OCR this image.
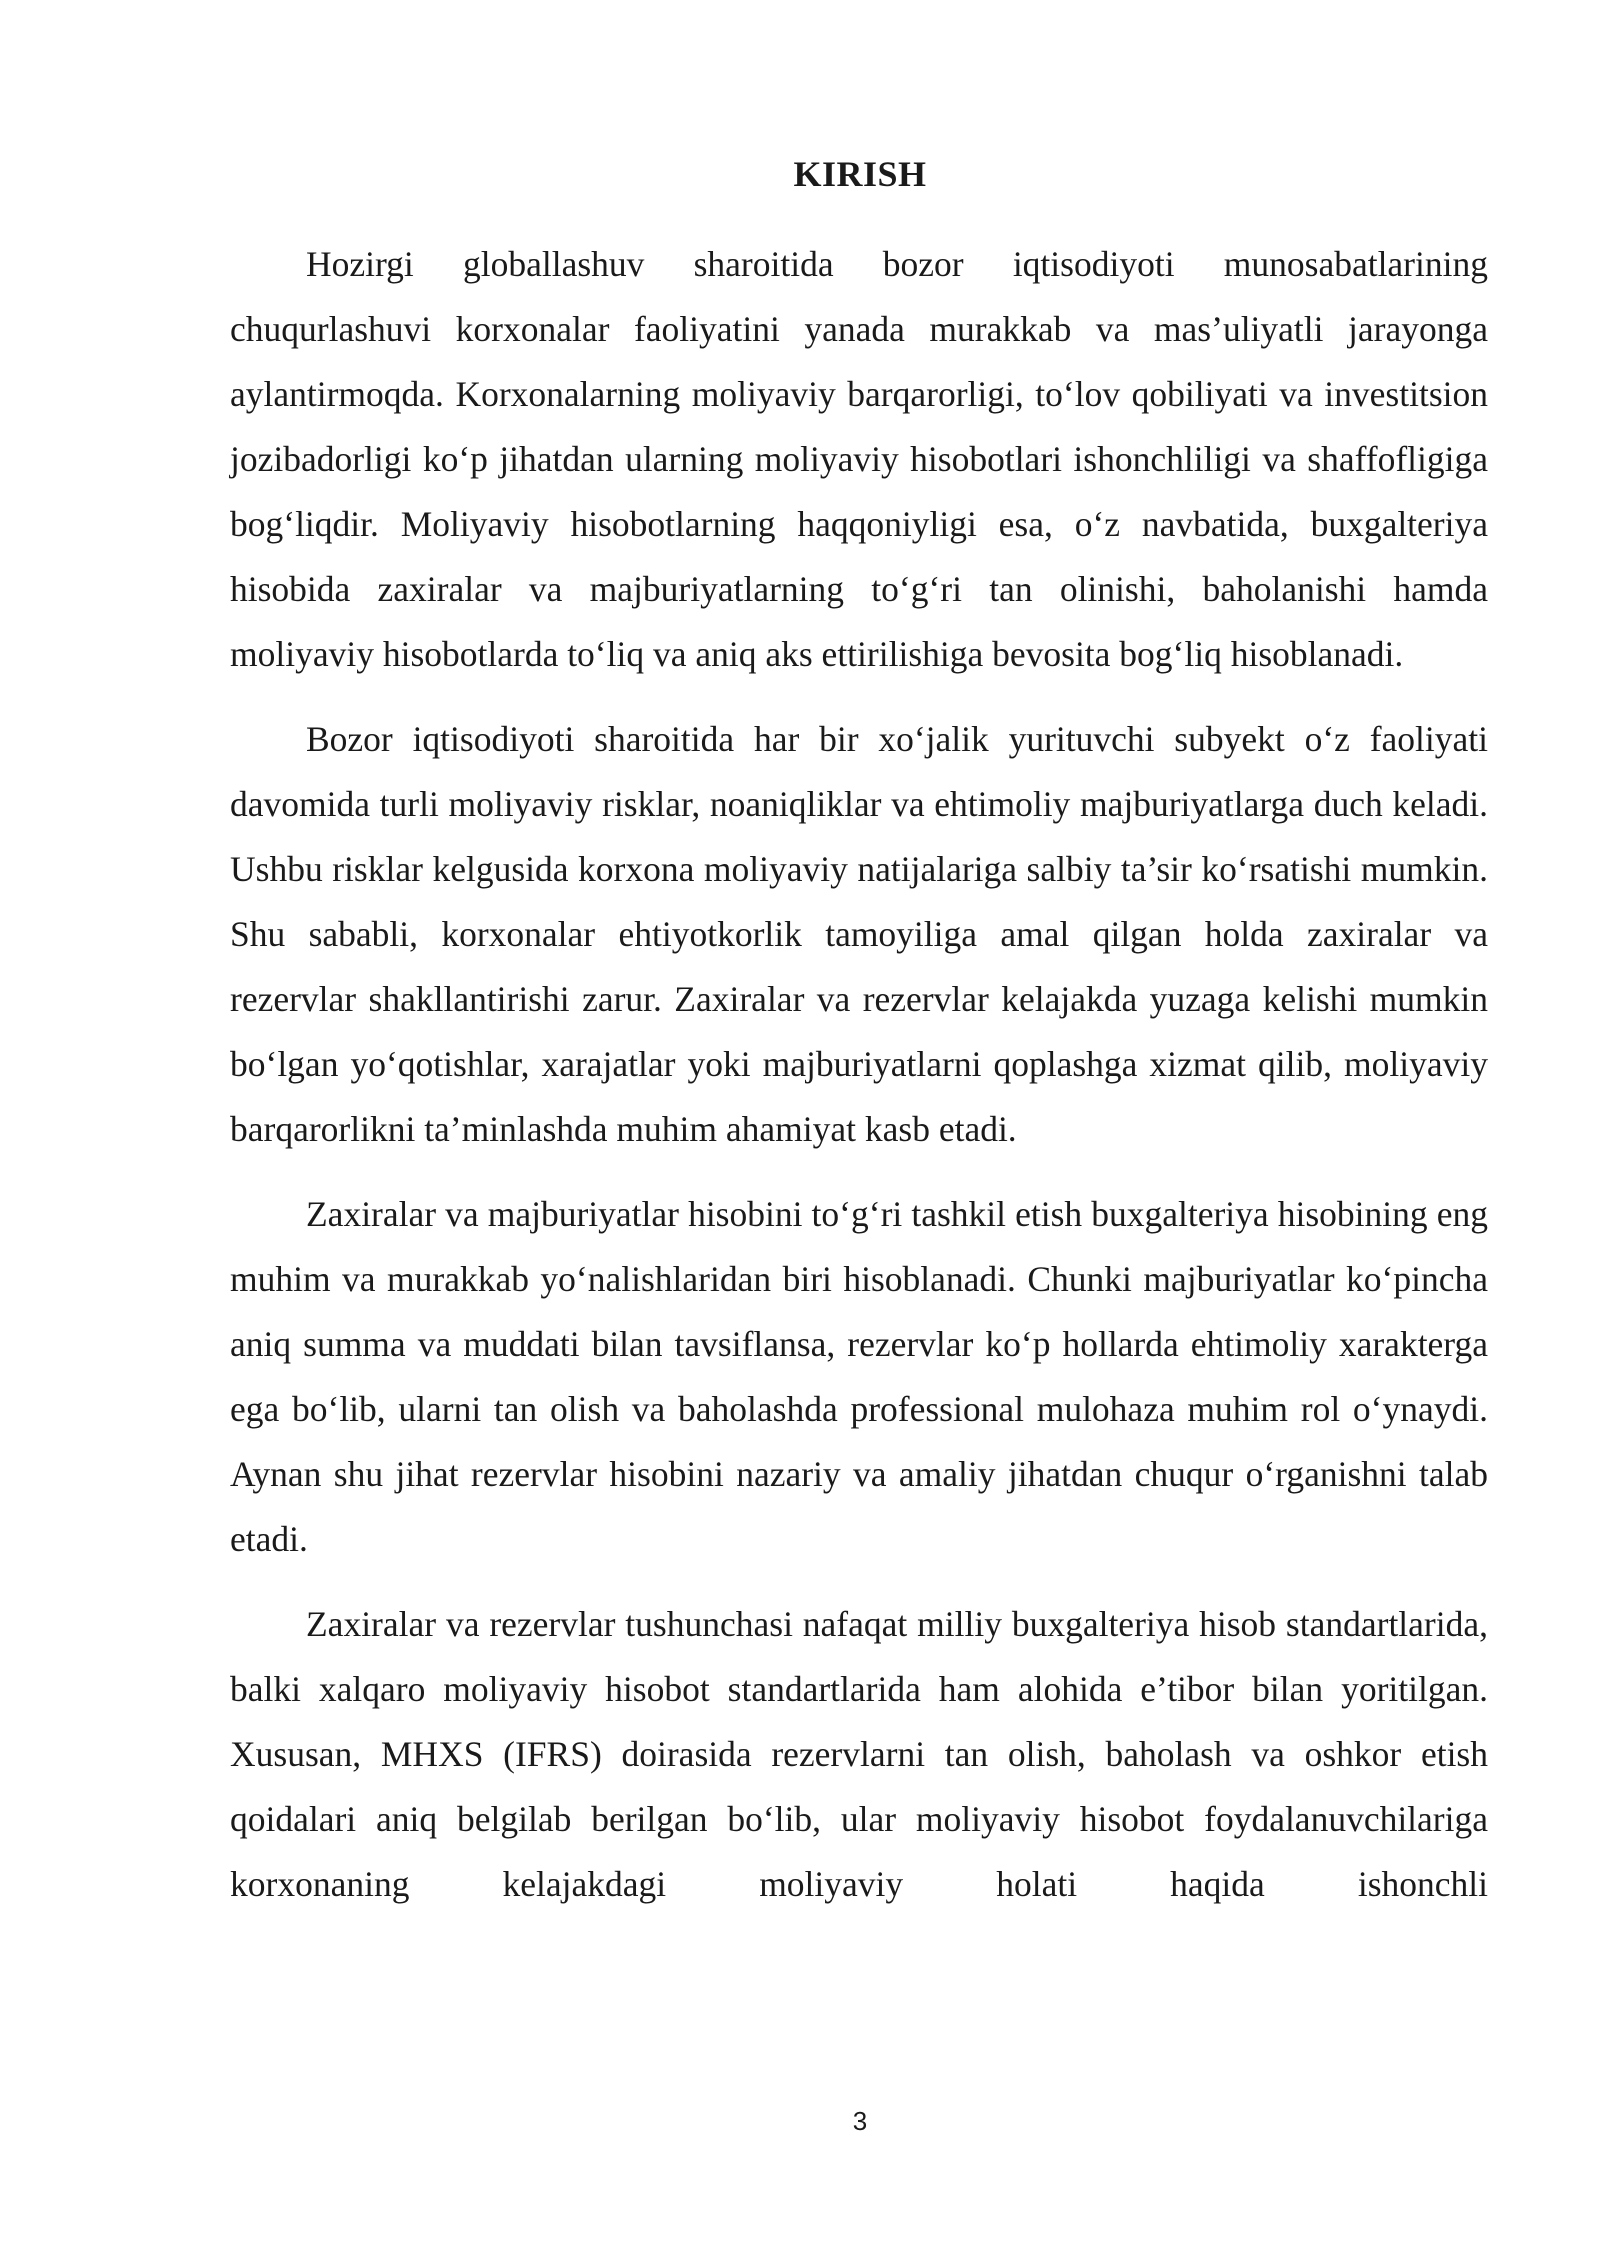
KIRISH

Hozirgi globallashuv sharoitida bozor iqtisodiyoti munosabatlarining chuqurlashuvi korxonalar faoliyatini yanada murakkab va mas’uliyatli jarayonga aylantirmoqda. Korxonalarning moliyaviy barqarorligi, to‘lov qobiliyati va investitsion jozibadorligi ko‘p jihatdan ularning moliyaviy hisobotlari ishonchliligi va shaffofligiga bog‘liqdir. Moliyaviy hisobotlarning haqqoniyligi esa, o‘z navbatida, buxgalteriya hisobida zaxiralar va majburiyatlarning to‘g‘ri tan olinishi, baholanishi hamda moliyaviy hisobotlarda to‘liq va aniq aks ettirilishiga bevosita bog‘liq hisoblanadi.

Bozor iqtisodiyoti sharoitida har bir xo‘jalik yurituvchi subyekt o‘z faoliyati davomida turli moliyaviy risklar, noaniqliklar va ehtimoliy majburiyatlarga duch keladi. Ushbu risklar kelgusida korxona moliyaviy natijalariga salbiy ta’sir ko‘rsatishi mumkin. Shu sababli, korxonalar ehtiyotkorlik tamoyiliga amal qilgan holda zaxiralar va rezervlar shakllantirishi zarur. Zaxiralar va rezervlar kelajakda yuzaga kelishi mumkin bo‘lgan yo‘qotishlar, xarajatlar yoki majburiyatlarni qoplashga xizmat qilib, moliyaviy barqarorlikni ta’minlashda muhim ahamiyat kasb etadi.

Zaxiralar va majburiyatlar hisobini to‘g‘ri tashkil etish buxgalteriya hisobining eng muhim va murakkab yo‘nalishlaridan biri hisoblanadi. Chunki majburiyatlar ko‘pincha aniq summa va muddati bilan tavsiflansa, rezervlar ko‘p hollarda ehtimoliy xarakterga ega bo‘lib, ularni tan olish va baholashda professional mulohaza muhim rol o‘ynaydi. Aynan shu jihat rezervlar hisobini nazariy va amaliy jihatdan chuqur o‘rganishni talab etadi.

Zaxiralar va rezervlar tushunchasi nafaqat milliy buxgalteriya hisob standartlarida, balki xalqaro moliyaviy hisobot standartlarida ham alohida e’tibor bilan yoritilgan. Xususan, MHXS (IFRS) doirasida rezervlarni tan olish, baholash va oshkor etish qoidalari aniq belgilab berilgan bo‘lib, ular moliyaviy hisobot foydalanuvchilariga korxonaning kelajakdagi moliyaviy holati haqida ishonchli

3
